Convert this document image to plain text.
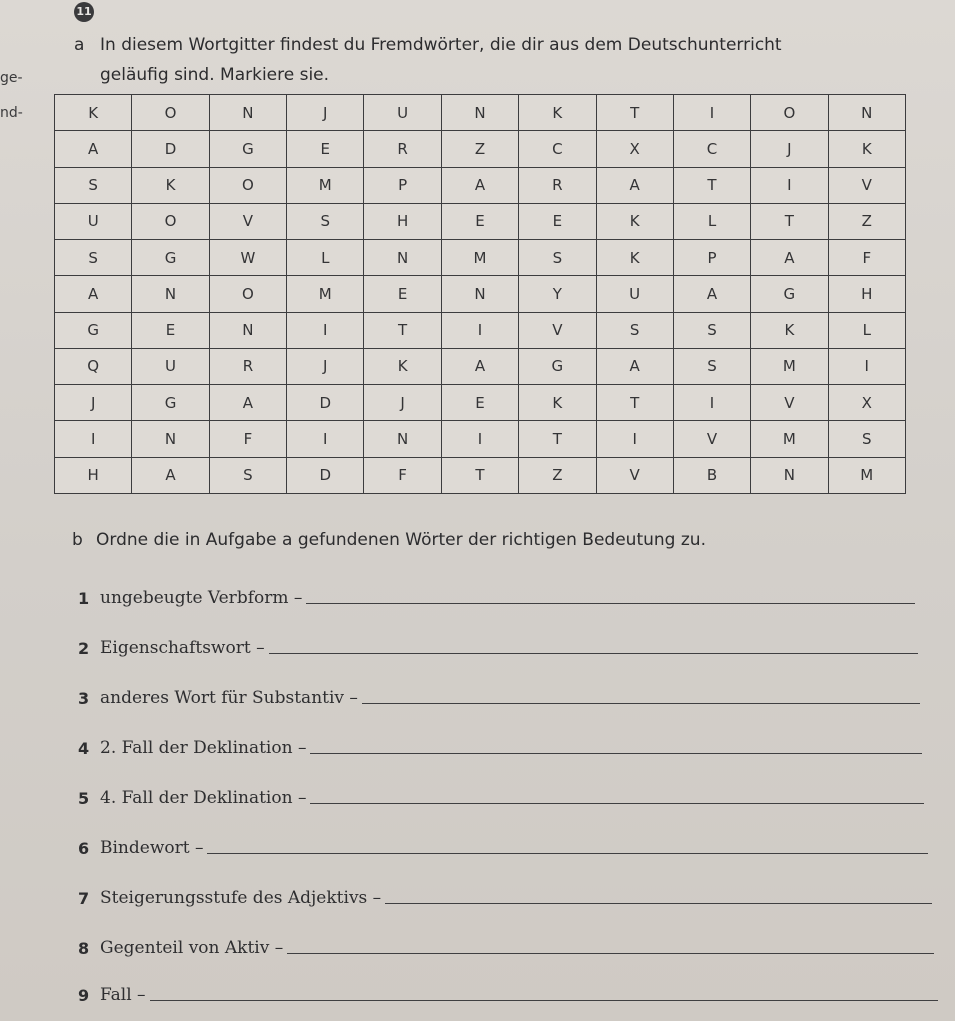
11
ge-
nd-
a In diesem Wortgitter findest du Fremdwörter, die dir aus dem Deutschunterricht
geläufig sind. Markiere sie.
K	O	N	J	U	N	K	T	I	O	N
A	D	G	E	R	Z	C	X	C	J	K
S	K	O	M	P	A	R	A	T	I	V
U	O	V	S	H	E	E	K	L	T	Z
S	G	W	L	N	M	S	K	P	A	F
A	N	O	M	E	N	Y	U	A	G	H
G	E	N	I	T	I	V	S	S	K	L
Q	U	R	J	K	A	G	A	S	M	I
J	G	A	D	J	E	K	T	I	V	X
I	N	F	I	N	I	T	I	V	M	S
H	A	S	D	F	T	Z	V	B	N	M
b Ordne die in Aufgabe a gefundenen Wörter der richtigen Bedeutung zu.
1 ungebeugte Verbform –
2 Eigenschaftswort –
3 anderes Wort für Substantiv –
4 2. Fall der Deklination –
5 4. Fall der Deklination –
6 Bindewort –
7 Steigerungsstufe des Adjektivs –
8 Gegenteil von Aktiv –
9 Fall –
